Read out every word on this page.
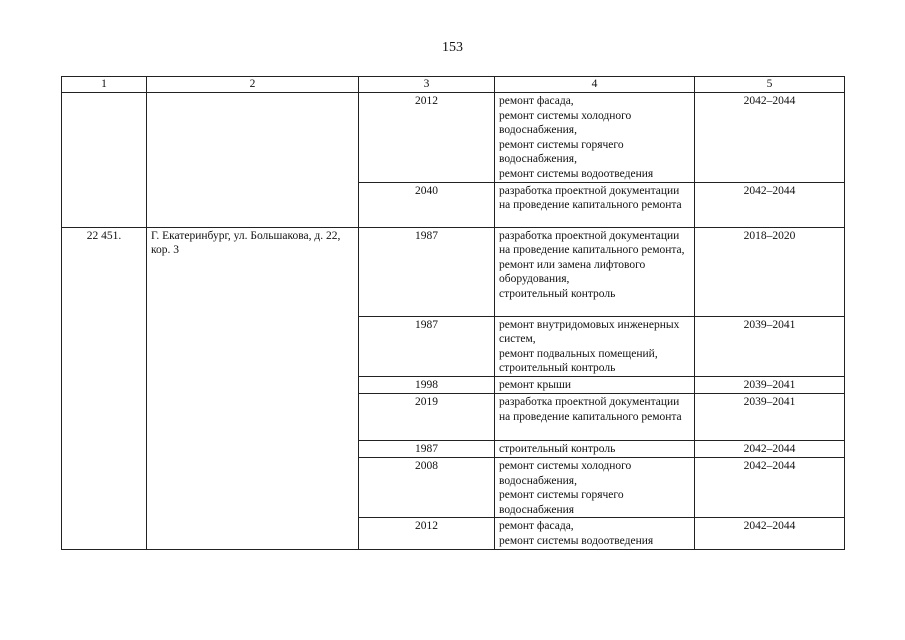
153
1	2	3	4	5
		2012	ремонт фасада,
ремонт системы холодного водоснабжения,
ремонт системы горячего водоснабжения,
ремонт системы водоотведения	2042–2044
		2040	разработка проектной документации на проведение капитального ремонта	2042–2044
22 451.	Г. Екатеринбург, ул. Большакова, д. 22, кор. 3	1987	разработка проектной документации на проведение капитального ремонта,
ремонт или замена лифтового оборудования,
строительный контроль	2018–2020
		1987	ремонт внутридомовых инженерных систем,
ремонт подвальных помещений,
строительный контроль	2039–2041
		1998	ремонт крыши	2039–2041
		2019	разработка проектной документации на проведение капитального ремонта	2039–2041
		1987	строительный контроль	2042–2044
		2008	ремонт системы холодного водоснабжения,
ремонт системы горячего водоснабжения	2042–2044
		2012	ремонт фасада,
ремонт системы водоотведения	2042–2044
